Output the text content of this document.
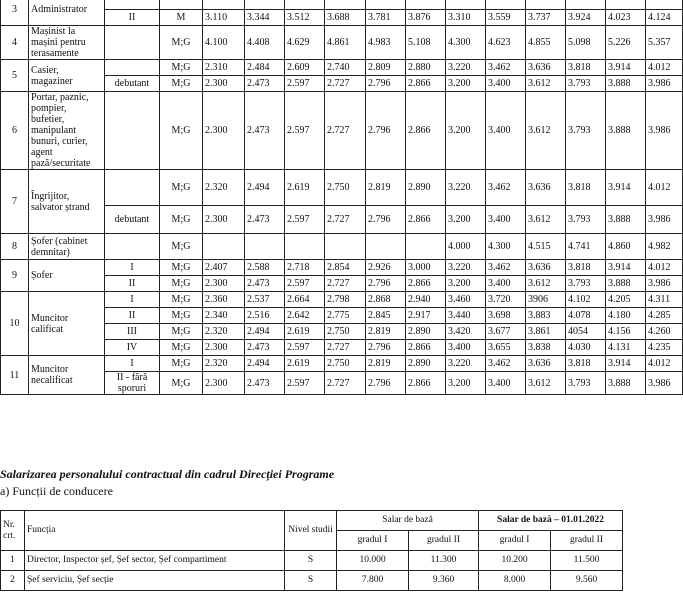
3	Administrator														
		II	M	3.110	3.344	3.512	3.688	3.781	3.876	3.310	3.559	3.737	3.924	4.023	4.124
4	Mașinist la mașini pentru terasamente		M;G	4.100	4.408	4.629	4.861	4.983	5.108	4.300	4.623	4.855	5.098	5.226	5.357
5	Casier, magaziner		M;G	2.310	2.484	2.609	2.740	2.809	2.880	3.220	3.462	3.636	3.818	3.914	4.012
		debutant	M;G	2.300	2.473	2.597	2.727	2.796	2.866	3.200	3.400	3.612	3.793	3.888	3.986
6	Portar, paznic, pompier, bufetier, manipulant bunuri, curier, agent pază/securitate		M;G	2.300	2.473	2.597	2.727	2.796	2.866	3.200	3.400	3.612	3.793	3.888	3.986
7	Îngrijitor, salvator ștrand		M;G	2.320	2.494	2.619	2.750	2.819	2.890	3.220	3.462	3.636	3.818	3.914	4.012
		debutant	M;G	2.300	2.473	2.597	2.727	2.796	2.866	3.200	3.400	3.612	3.793	3.888	3.986
8	Șofer (cabinet demnitar)		M;G							4.000	4.300	4.515	4.741	4.860	4.982
9	Șofer	I	M;G	2.407	2.588	2.718	2.854	2.926	3.000	3.220	3.462	3.636	3.818	3.914	4.012
		II	M;G	2.300	2.473	2.597	2.727	2.796	2.866	3.200	3.400	3.612	3.793	3.888	3.986
10	Muncitor calificat	I	M;G	2.360	2.537	2.664	2.798	2.868	2.940	3.460	3.720	3906	4.102	4.205	4.311
		II	M;G	2.340	2.516	2.642	2.775	2.845	2.917	3.440	3.698	3.883	4.078	4.180	4.285
		III	M;G	2.320	2.494	2.619	2.750	2.819	2.890	3.420	3.677	3.861	4054	4.156	4.260
		IV	M;G	2.300	2.473	2.597	2.727	2.796	2.866	3.400	3.655	3.838	4.030	4.131	4.235
11	Muncitor necalificat	I	M;G	2.320	2.494	2.619	2.750	2.819	2.890	3.220	3.462	3.636	3.818	3.914	4.012
		II - fără sporuri	M;G	2.300	2.473	2.597	2.727	2.796	2.866	3.200	3.400	3.612	3.793	3.888	3.986
Salarizarea personalului contractual din cadrul Direcției Programe
a) Funcții de conducere
Nr. crt.	Funcția	Nivel studii	Salar de bază		Salar de bază – 01.01.2022	
			gradul I	gradul II	gradul I	gradul II
1	Director, Inspector șef, Șef sector, Șef compartiment	S	10.000	11.300	10.200	11.500
2	Șef serviciu, Șef secție	S	7.800	9.360	8.000	9.560
